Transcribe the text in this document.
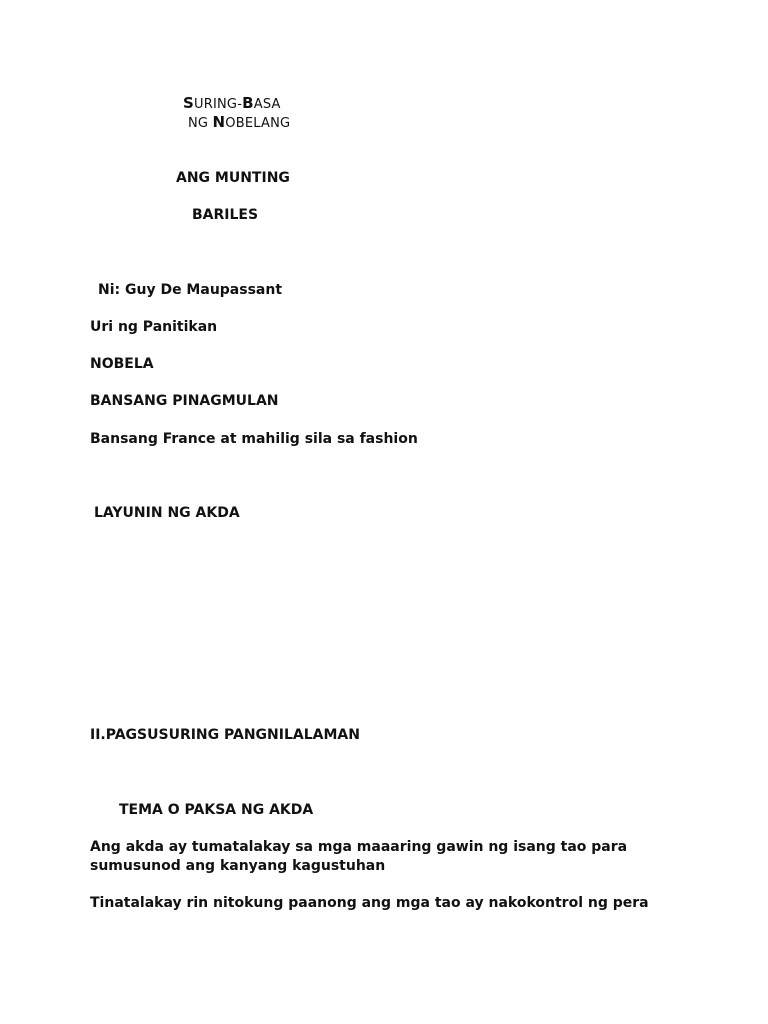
SURING-BASA
NG NOBELANG
ANG MUNTING
BARILES
Ni: Guy De Maupassant
Uri ng Panitikan
NOBELA
BANSANG PINAGMULAN
Bansang France at mahilig sila sa fashion
LAYUNIN NG AKDA
II.PAGSUSURING PANGNILALAMAN
TEMA O PAKSA NG AKDA
Ang akda ay tumatalakay sa mga maaaring gawin ng isang tao para sumusunod ang kanyang kagustuhan
Tinatalakay rin nitokung paanong ang mga tao ay nakokontrol ng pera
